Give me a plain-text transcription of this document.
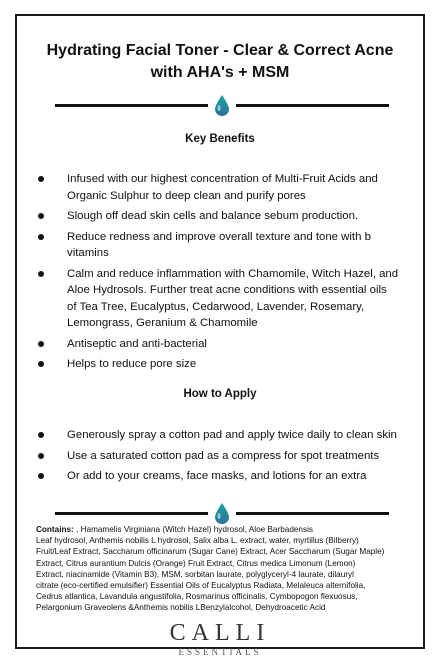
Hydrating Facial Toner - Clear & Correct Acne
with AHA's + MSM
Key Benefits
Infused with our highest concentration of Multi-Fruit Acids and
Organic Sulphur to deep clean and purify pores
Slough off dead skin cells and balance sebum production.
Reduce redness and improve overall texture and tone with b
vitamins
Calm and reduce inflammation with Chamomile, Witch Hazel, and
Aloe Hydrosols. Further treat acne conditions with essential oils
of Tea Tree, Eucalyptus, Cedarwood, Lavender, Rosemary,
Lemongrass, Geranium & Chamomile
Antiseptic and anti-bacterial
Helps to reduce pore size
How to Apply
Generously spray a cotton pad and apply twice daily to clean skin
Use a saturated cotton pad as a compress for spot treatments
Or add to your creams, face masks, and lotions for an extra
Contains: , Hamamelis Virginiana (Witch Hazel) hydrosol, Aloe Barbadensis
Leaf hydrosol, Anthemis nobilis L hydrosol, Salix alba L. extract, water, myrtillus (Bilberry)
Fruit/Leaf Extract, Saccharum officinarum (Sugar Cane) Extract, Acer Saccharum (Sugar Maple)
Extract, Citrus aurantium Dulcis (Orange) Fruit Extract, Citrus medica Limonum (Lemon)
Extract, niacinamide (Vitamin B3), MSM, sorbitan laurate, polyglyceryl-4 laurate, dilauryl
citrate (eco-certified emulsifier) Essential Oils of Eucalyptus Radiata, Melaleuca alternifolia,
Cedrus atlantica, Lavandula angustifolia, Rosmarinus officinalis, Cymbopogon flexuosus,
Pelargonium Graveolens &Anthemis nobilis LBenzylalcohol, Dehydroacetic Acid

CALLI
ESSENTIALS
